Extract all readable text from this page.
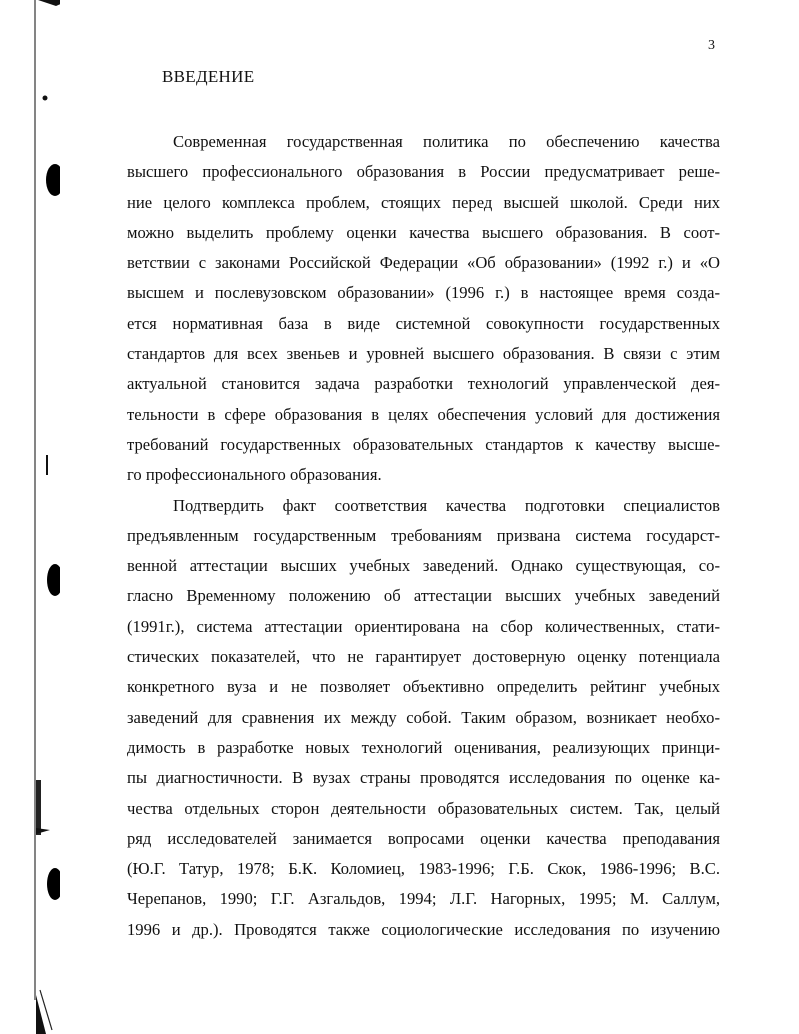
3
ВВЕДЕНИЕ
Современная государственная политика по обеспечению качества
высшего профессионального образования в России предусматривает реше-
ние целого комплекса проблем, стоящих перед высшей школой. Среди них
можно выделить проблему оценки качества высшего образования. В соот-
ветствии с законами Российской Федерации «Об образовании» (1992 г.) и «О
высшем и послевузовском образовании» (1996 г.) в настоящее время созда-
ется нормативная база в виде системной совокупности государственных
стандартов для всех звеньев и уровней высшего образования. В связи с этим
актуальной становится задача разработки технологий управленческой дея-
тельности в сфере образования в целях обеспечения условий для достижения
требований государственных образовательных стандартов к качеству высше-
го профессионального образования.
Подтвердить факт соответствия качества подготовки специалистов
предъявленным государственным требованиям призвана система государст-
венной аттестации высших учебных заведений. Однако существующая, со-
гласно Временному положению об аттестации высших учебных заведений
(1991г.), система аттестации ориентирована на сбор количественных, стати-
стических показателей, что не гарантирует достоверную оценку потенциала
конкретного вуза и не позволяет объективно определить рейтинг учебных
заведений для сравнения их между собой. Таким образом, возникает необхо-
димость в разработке новых технологий оценивания, реализующих принци-
пы диагностичности. В вузах страны проводятся исследования по оценке ка-
чества отдельных сторон деятельности образовательных систем. Так, целый
ряд исследователей занимается вопросами оценки качества преподавания
(Ю.Г. Татур, 1978; Б.К. Коломиец, 1983-1996; Г.Б. Скок, 1986-1996; В.С.
Черепанов, 1990; Г.Г. Азгальдов, 1994; Л.Г. Нагорных, 1995; М. Саллум,
1996 и др.). Проводятся также социологические исследования по изучению
